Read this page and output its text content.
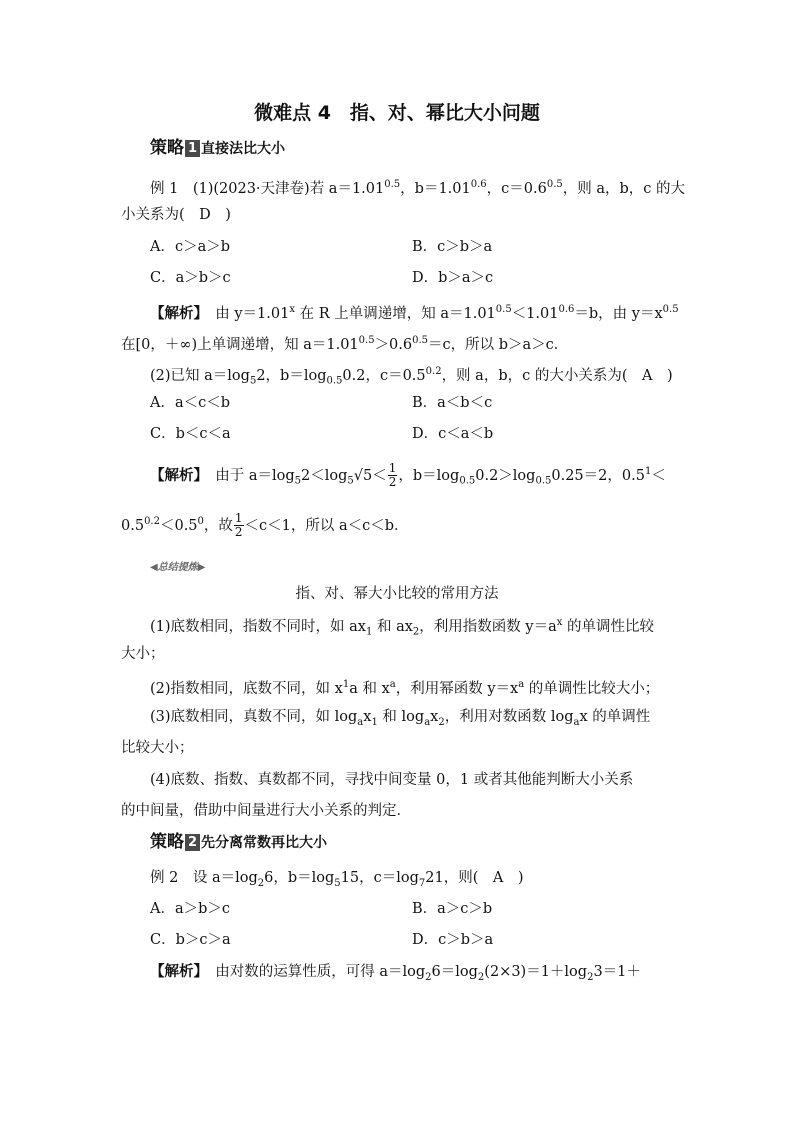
微难点 4　指、对、幂比大小问题
策略 1 直接法比大小
例 1　(1)(2023·天津卷)若 $a=1.01^{0.5}$，$b=1.01^{0.6}$，$c=0.6^{0.5}$，则 a，b，c 的大
小关系为(　D　)
A．c＞a＞b	B．c＞b＞a
C．a＞b＞c	D．b＞a＞c
【解析】　由 $y=1.01^x$ 在 R 上单调递增，知 $a=1.01^{0.5}<1.01^{0.6}=b$，由 $y=x^{0.5}$
在[0，＋∞)上单调递增，知 $a=1.01^{0.5}>0.6^{0.5}=c$，所以 b＞a＞c．
(2)已知 $a=\log_52$，$b=\log_{0.5}0.2$，$c=0.5^{0.2}$，则 a，b，c 的大小关系为(　A　)
A．a＜c＜b	B．a＜b＜c
C．b＜c＜a	D．c＜a＜b
【解析】　由于 $a=\log_52<\log_5√5< \frac{1}{2}$ ，$b=\log_{0.5}0.2>\log_{0.5}0.25=2$，$0.5^1<$
$0.5^{0.2}<0.5^0$，故 $\frac{1}{2} <c<1$，所以 a＜c＜b．
◀总结提炼▶
指、对、幂大小比较的常用方法
(1)底数相同，指数不同时，如 $ax_1$ 和 $ax_2$，利用指数函数 $y=a^x$ 的单调性比较
大小；
(2)指数相同，底数不同，如 $x^1a$ 和 $x^a$，利用幂函数 $y=x^a$ 的单调性比较大小；
(3)底数相同，真数不同，如 $\log_ax_1$ 和 $\log_ax_2$，利用对数函数 $\log_ax$ 的单调性
比较大小；
(4)底数、指数、真数都不同，寻找中间变量 0，1 或者其他能判断大小关系
的中间量，借助中间量进行大小关系的判定．
策略 2 先分离常数再比大小
例 2　设 $a=\log_26$，$b=\log_515$，$c=\log_721$，则(　A　)
A．a＞b＞c	B．a＞c＞b
C．b＞c＞a	D．c＞b＞a
【解析】　由对数的运算性质，可得 $a=\log_26=\log_2(2\times 3)=1+\log_23=1+$
